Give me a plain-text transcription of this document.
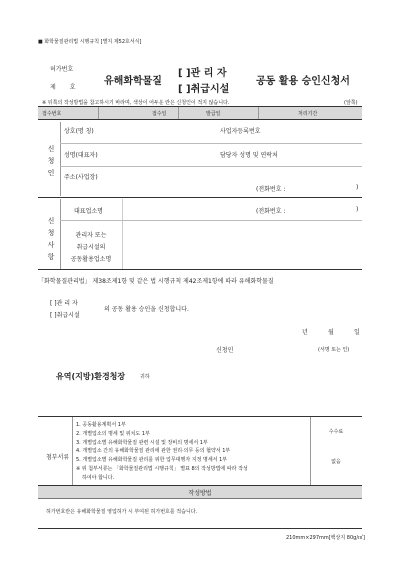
■ 화학물질관리법 시행규칙 [별지 제52호서식]
허가번호
제 호
유해화학물질
[ ]관 리 자
[ ]취급시설
공동 활용 승인신청서
※ 뒤쪽의 작성방법을 참고하시기 바라며, 색상이 어두운 란은 신청인이 적지 않습니다.	(앞쪽)
접수번호	접수일	발급일	처리기간
신 청 인
상호(명 칭)	사업자등록번호
성명(대표자)	담당자 성명 및 연락처
주소(사업장)
(전화번호 :	)
신 청 사 항
대표업소명	(전화번호 :	)
관리자 또는
취급시설의
공동활용업소명
「화학물질관리법」 제38조제1항 및 같은 법 시행규칙 제42조제1항에 따라 유해화학물질
[ ]관 리 자
[ ]취급시설
의 공동 활용 승인을 신청합니다.
년	월	일
신청인	(서명 또는 인)
유역(지방)환경청장	귀하
첨부서류
1. 공동활용계획서 1부
2. 개별업소의 명세 및 위치도 1부
3. 개별업소별 유해화학물질 관련 시설 및 장비의 명세서 1부
4. 개별업소 간의 유해화학물질 관리에 관한 권리·의무 등의 협약서 1부
5. 개별업소별 유해화학물질 관리를 위한 업무대행자 지정 명세서 1부
※ 위 첨부서류는 「화학물질관리법 시행규칙」 별표 8의 작성방법에 따라 작성
하여야 합니다.
수수료
없음
작성방법
허가번호란은 유해화학물질 영업허가 시 부여된 허가번호를 적습니다.
210mm×297mm[백상지 80g/㎡]
